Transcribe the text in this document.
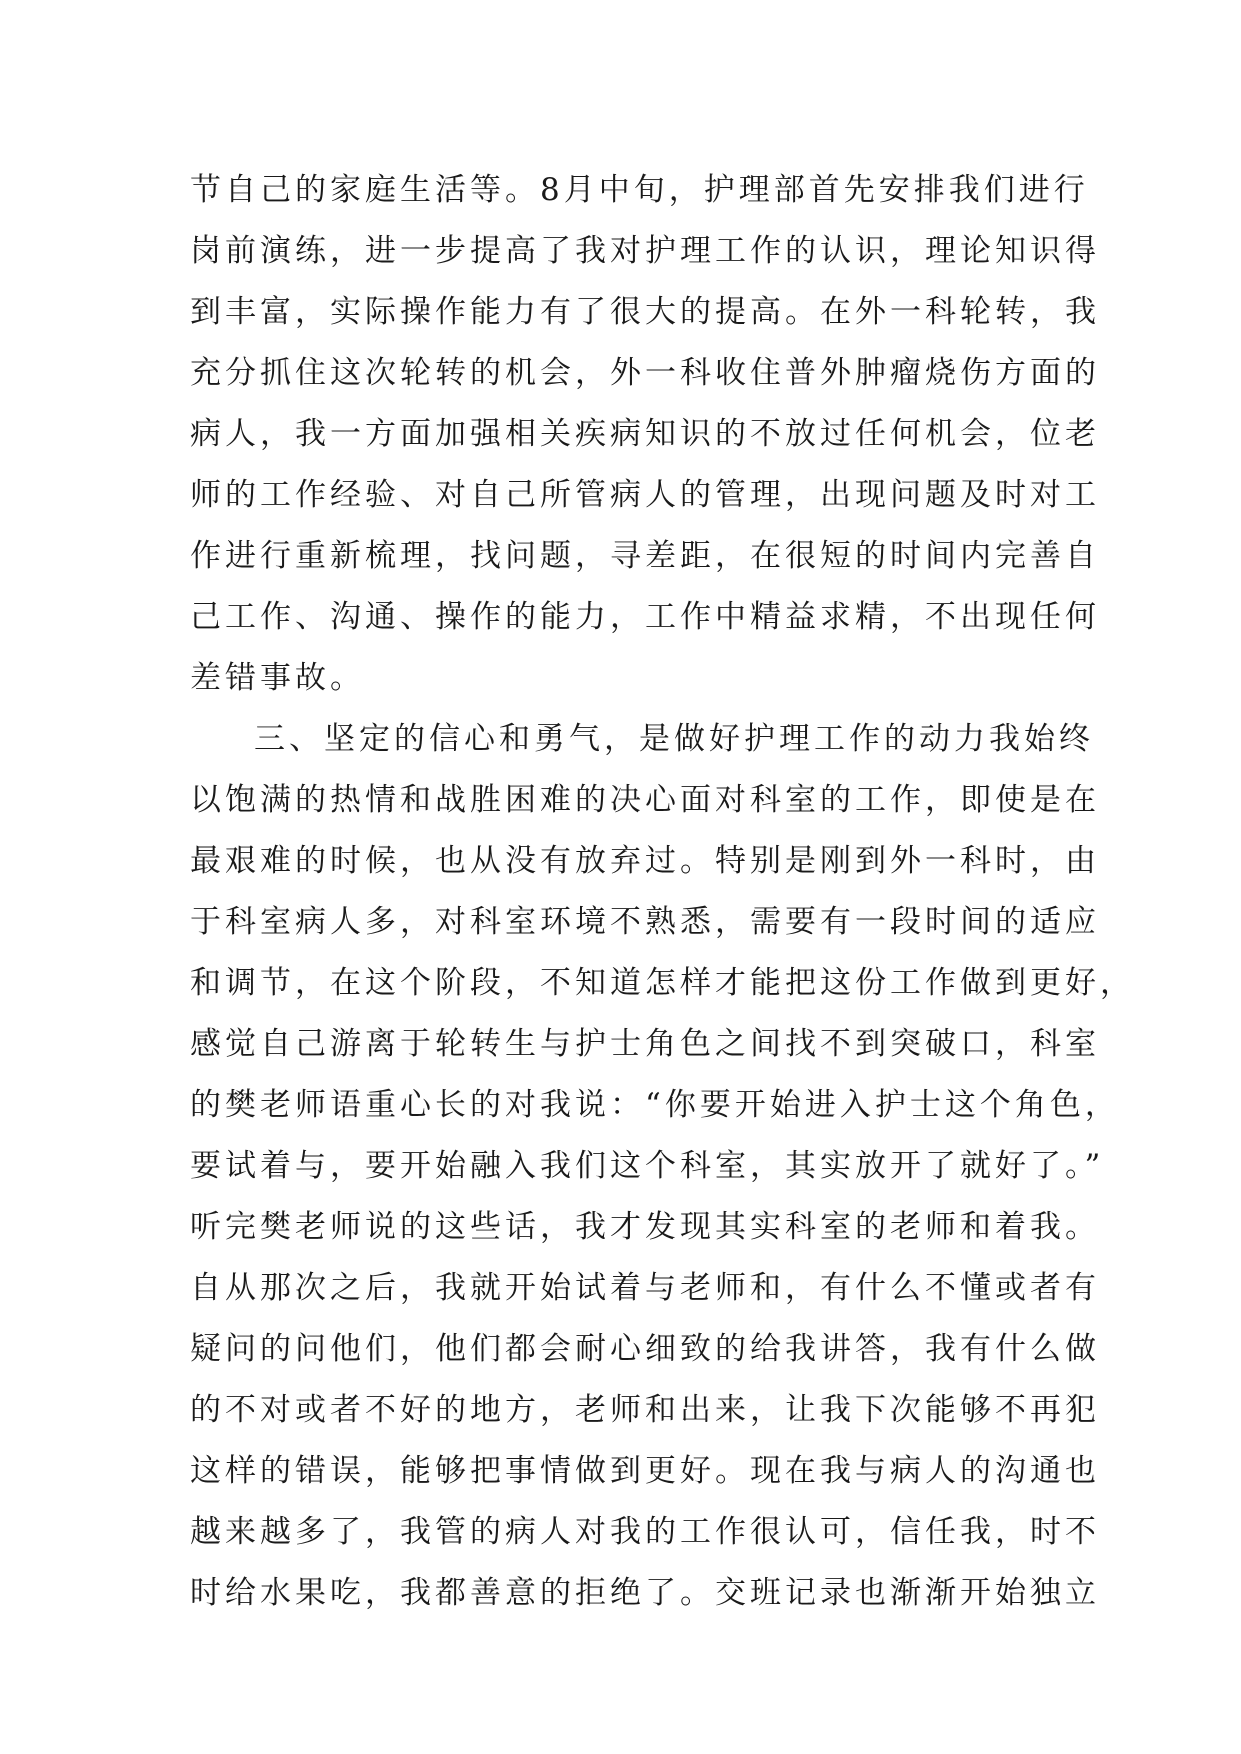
节自己的家庭生活等。8月中旬，护理部首先安排我们进行
岗前演练，进一步提高了我对护理工作的认识，理论知识得
到丰富，实际操作能力有了很大的提高。在外一科轮转，我
充分抓住这次轮转的机会，外一科收住普外肿瘤烧伤方面的
病人，我一方面加强相关疾病知识的不放过任何机会，位老
师的工作经验、对自己所管病人的管理，出现问题及时对工
作进行重新梳理，找问题，寻差距，在很短的时间内完善自
己工作、沟通、操作的能力，工作中精益求精，不出现任何
差错事故。
三、坚定的信心和勇气，是做好护理工作的动力我始终
以饱满的热情和战胜困难的决心面对科室的工作，即使是在
最艰难的时候，也从没有放弃过。特别是刚到外一科时，由
于科室病人多，对科室环境不熟悉，需要有一段时间的适应
和调节，在这个阶段，不知道怎样才能把这份工作做到更好，
感觉自己游离于轮转生与护士角色之间找不到突破口，科室
的樊老师语重心长的对我说：“你要开始进入护士这个角色，
要试着与，要开始融入我们这个科室，其实放开了就好了。”
听完樊老师说的这些话，我才发现其实科室的老师和着我。
自从那次之后，我就开始试着与老师和，有什么不懂或者有
疑问的问他们，他们都会耐心细致的给我讲答，我有什么做
的不对或者不好的地方，老师和出来，让我下次能够不再犯
这样的错误，能够把事情做到更好。现在我与病人的沟通也
越来越多了，我管的病人对我的工作很认可，信任我，时不
时给水果吃，我都善意的拒绝了。交班记录也渐渐开始独立
